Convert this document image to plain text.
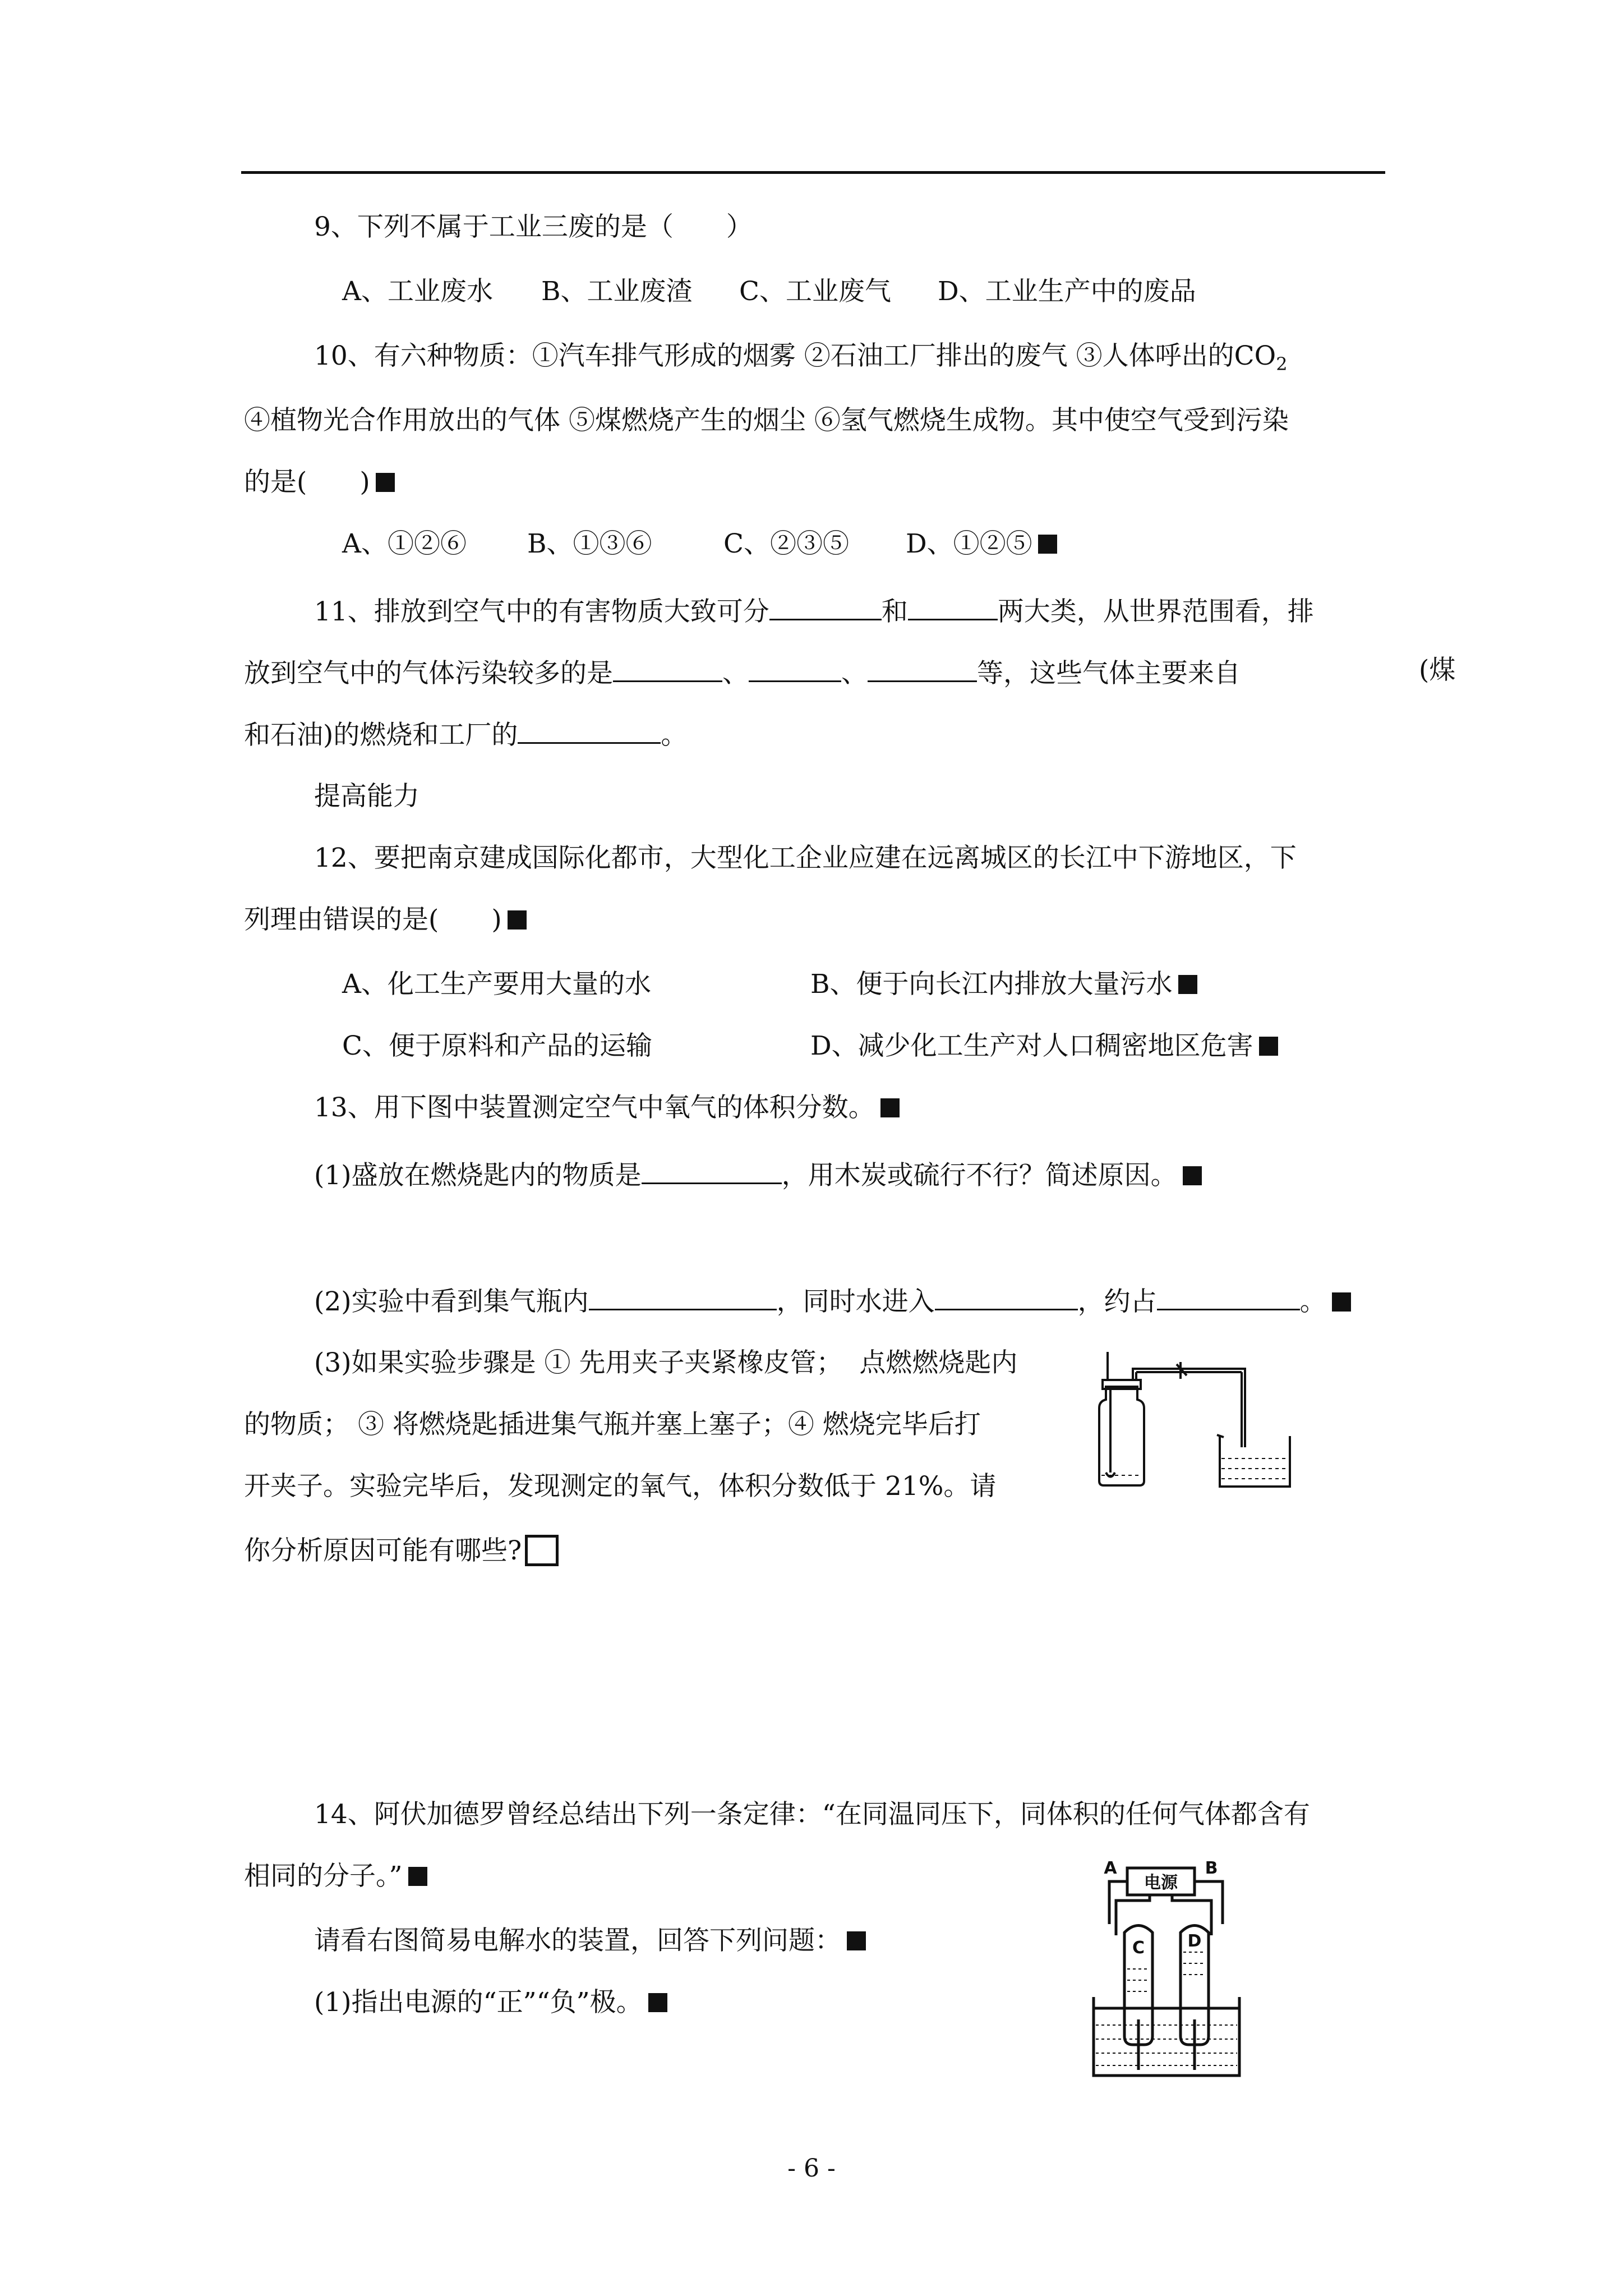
9、下列不属于工业三废的是（　　）
A、工业废水 B、工业废渣 C、工业废气 D、工业生产中的废品
10、有六种物质：①汽车排气形成的烟雾 ②石油工厂排出的废气 ③人体呼出的$CO_2$
④植物光合作用放出的气体 ⑤煤燃烧产生的烟尘 ⑥氢气燃烧生成物。其中使空气受到污染
的是(　　)
A、①②⑥ B、①③⑥	C、②③⑤ D、①②⑤
11、排放到空气中的有害物质大致可分	和	两大类，从世界范围看，排
放到空气中的气体污染较多的是	、	、	等，这些气体主要来自	(煤
和石油)的燃烧和工厂的	。
提高能力
12、要把南京建成国际化都市，大型化工企业应建在远离城区的长江中下游地区，下
列理由错误的是(　　)
A、化工生产要用大量的水	B、便于向长江内排放大量污水
C、便于原料和产品的运输	D、减少化工生产对人口稠密地区危害
13、用下图中装置测定空气中氧气的体积分数。
(1)盛放在燃烧匙内的物质是	，用木炭或硫行不行？简述原因。
(2)实验中看到集气瓶内	，同时水进入	，约占	。
(3)如果实验步骤是 ① 先用夹子夹紧橡皮管；  点燃燃烧匙内
的物质； ③ 将燃烧匙插进集气瓶并塞上塞子；④ 燃烧完毕后打
开夹子。实验完毕后，发现测定的氧气，体积分数低于 21%。请
你分析原因可能有哪些?
14、阿伏加德罗曾经总结出下列一条定律：“在同温同压下，同体积的任何气体都含有
相同的分子。”
请看右图简易电解水的装置，回答下列问题：
(1)指出电源的“正”“负”极。
电源
A	B
C	D
- 6 -
